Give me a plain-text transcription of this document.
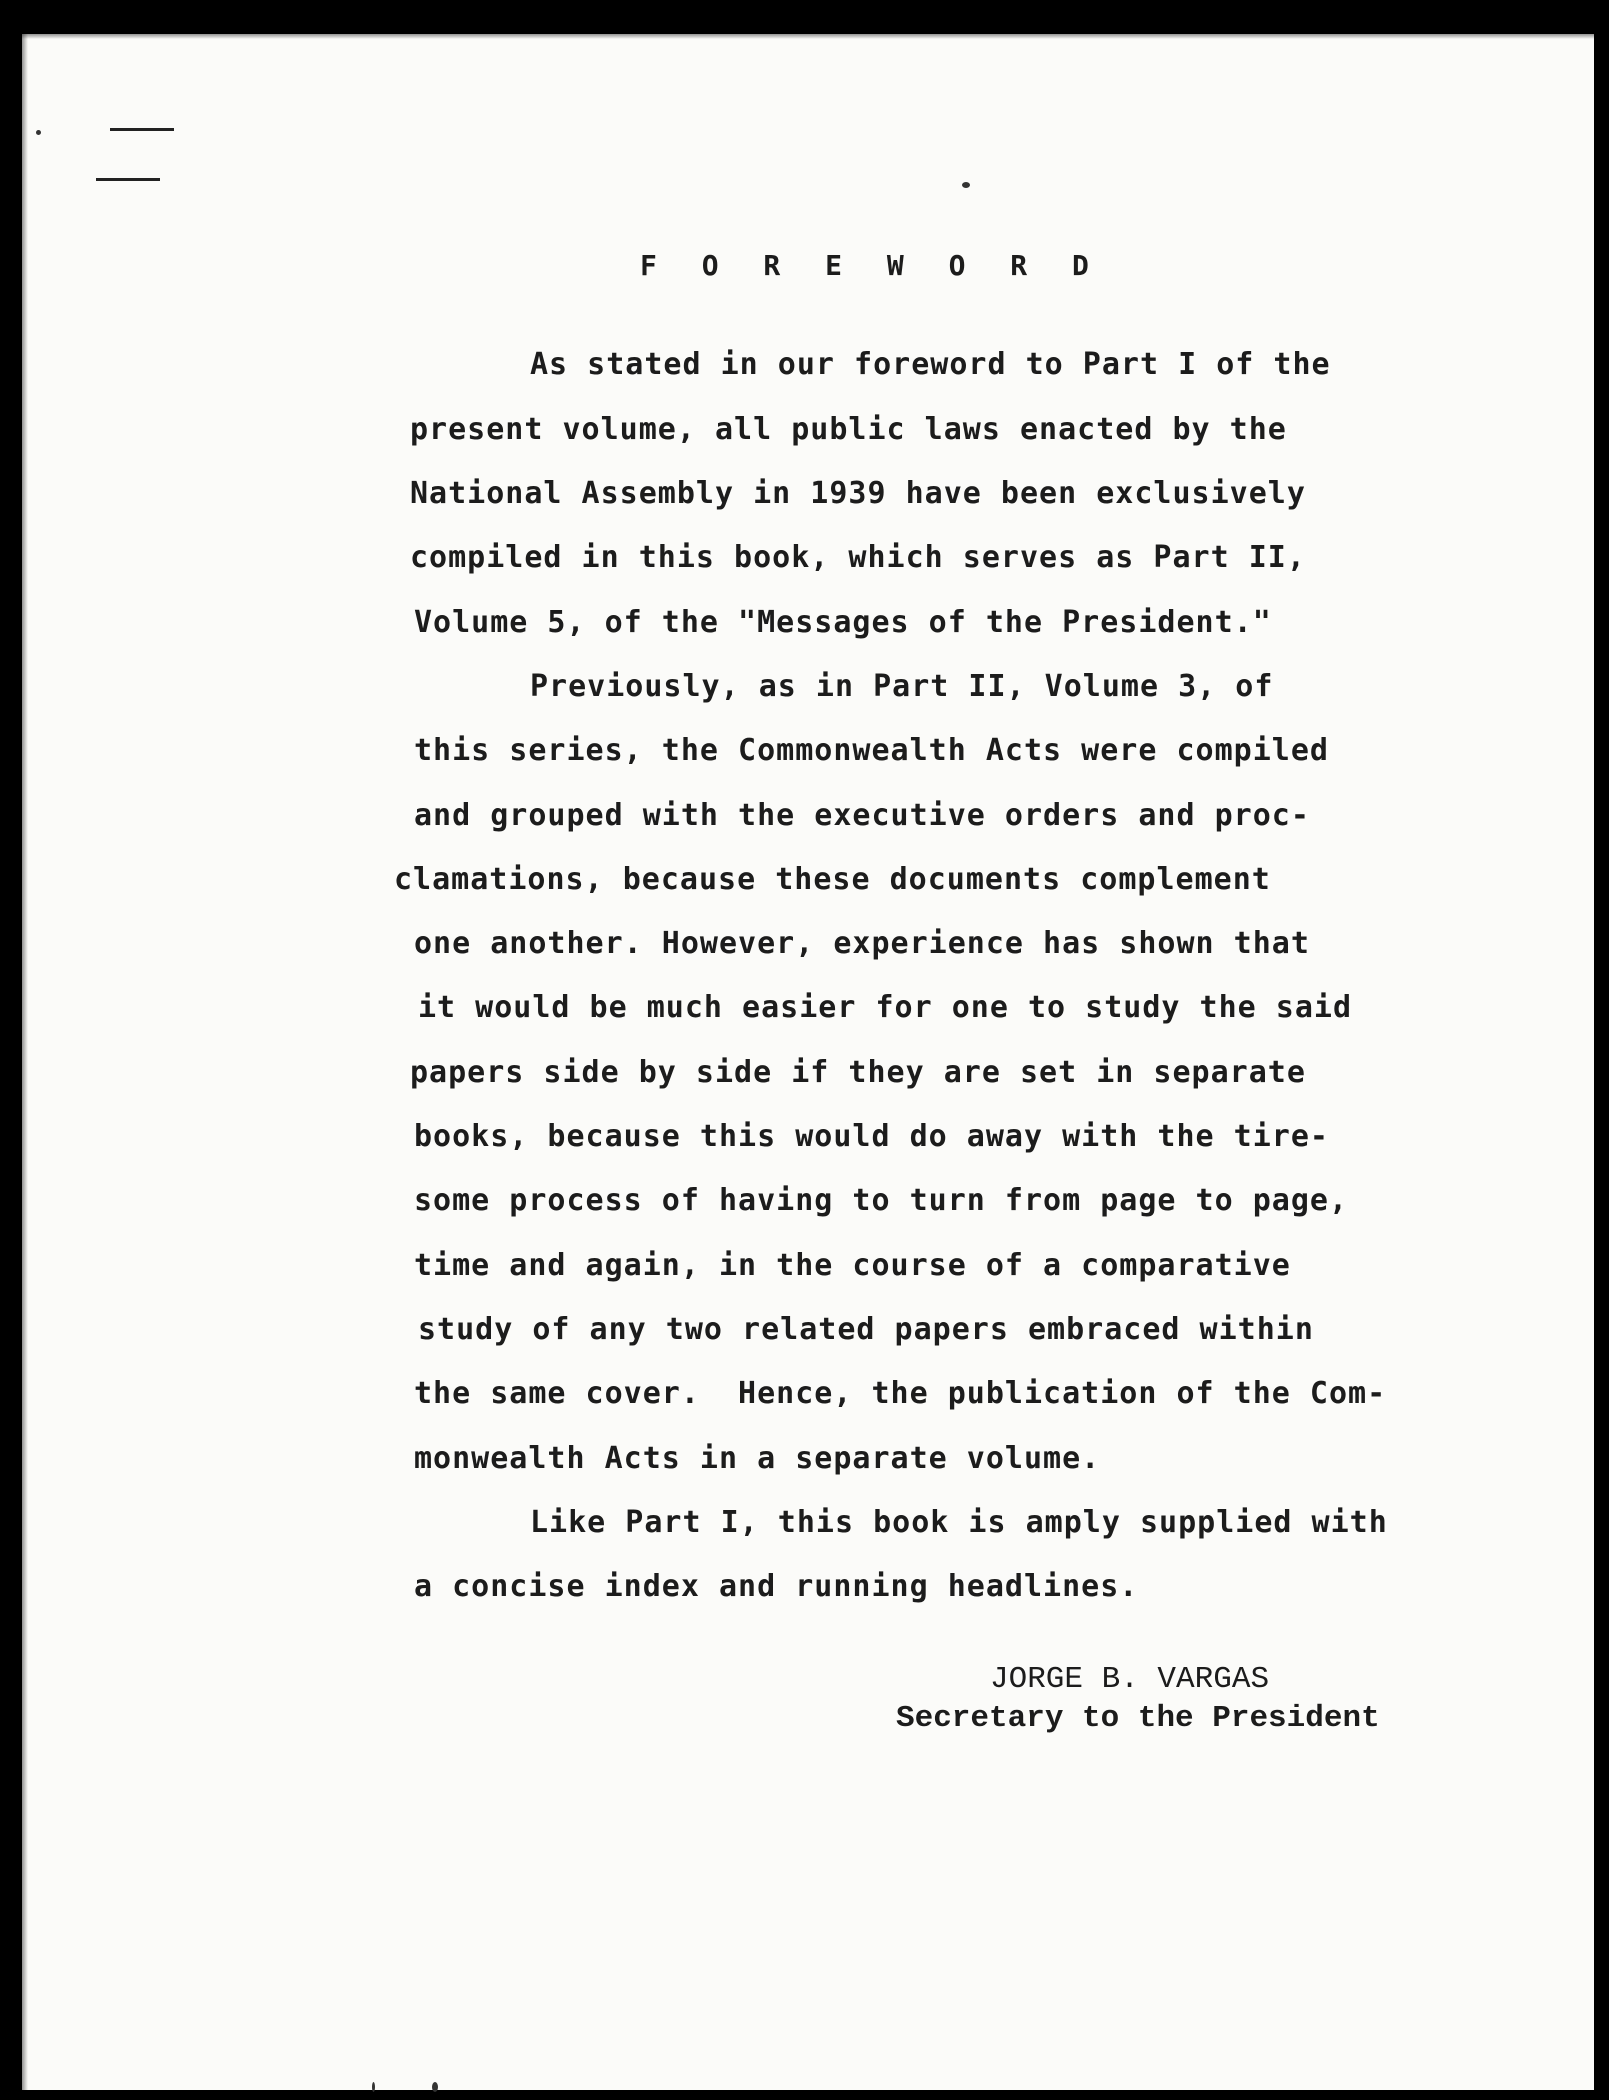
F O R E W O R D
As stated in our foreword to Part I of the
present volume, all public laws enacted by the
National Assembly in 1939 have been exclusively
compiled in this book, which serves as Part II,
Volume 5, of the "Messages of the President."
Previously, as in Part II, Volume 3, of
this series, the Commonwealth Acts were compiled
and grouped with the executive orders and proc-
clamations, because these documents complement
one another. However, experience has shown that
it would be much easier for one to study the said
papers side by side if they are set in separate
books, because this would do away with the tire-
some process of having to turn from page to page,
time and again, in the course of a comparative
study of any two related papers embraced within
the same cover.  Hence, the publication of the Com-
monwealth Acts in a separate volume.
Like Part I, this book is amply supplied with
a concise index and running headlines.
JORGE B. VARGAS
Secretary to the President
